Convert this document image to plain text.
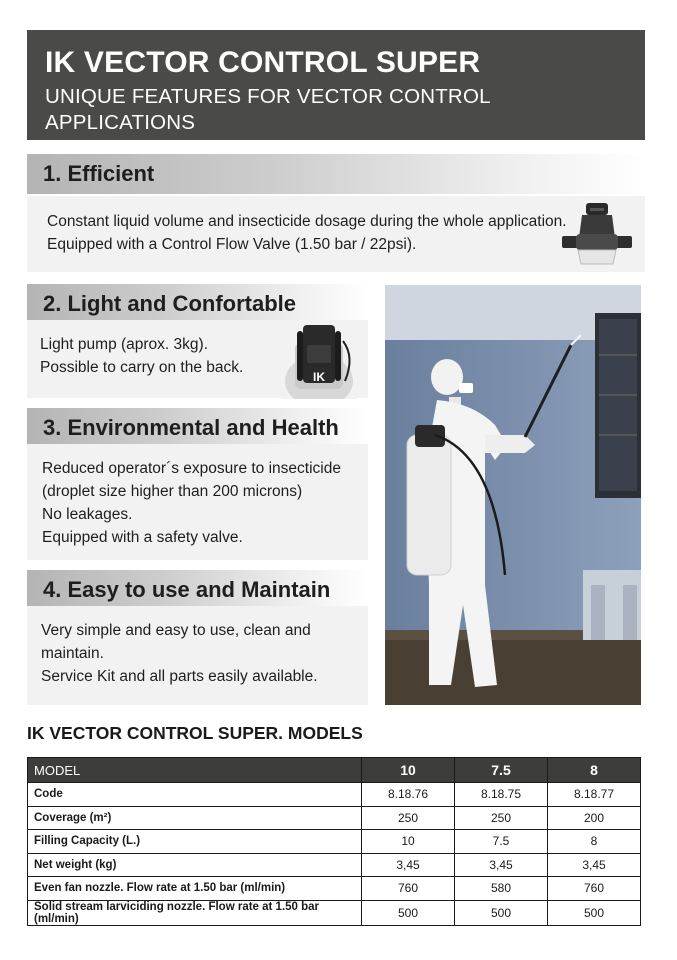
IK VECTOR CONTROL SUPER
UNIQUE FEATURES FOR VECTOR CONTROL APPLICATIONS
1. Efficient
Constant liquid volume and insecticide dosage during the whole application.
Equipped with a Control Flow Valve (1.50 bar / 22psi).
2. Light and Confortable
Light pump (aprox. 3kg).
Possible to carry on the back.
IK
3. Environmental and Health
Reduced operator´s exposure to insecticide
(droplet size higher than 200 microns)
No leakages.
Equipped with a safety valve.
4. Easy to use and Maintain
Very simple and easy to use, clean and
maintain.
Service Kit and all parts easily available.
IK VECTOR CONTROL SUPER. MODELS
MODEL	10	7.5	8
Code	8.18.76	8.18.75	8.18.77
Coverage (m²)	250	250	200
Filling Capacity (L.)	10	7.5	8
Net weight (kg)	3,45	3,45	3,45
Even fan nozzle. Flow rate at 1.50 bar (ml/min)	760	580	760
Solid stream larviciding nozzle. Flow rate at 1.50 bar (ml/min)	500	500	500
